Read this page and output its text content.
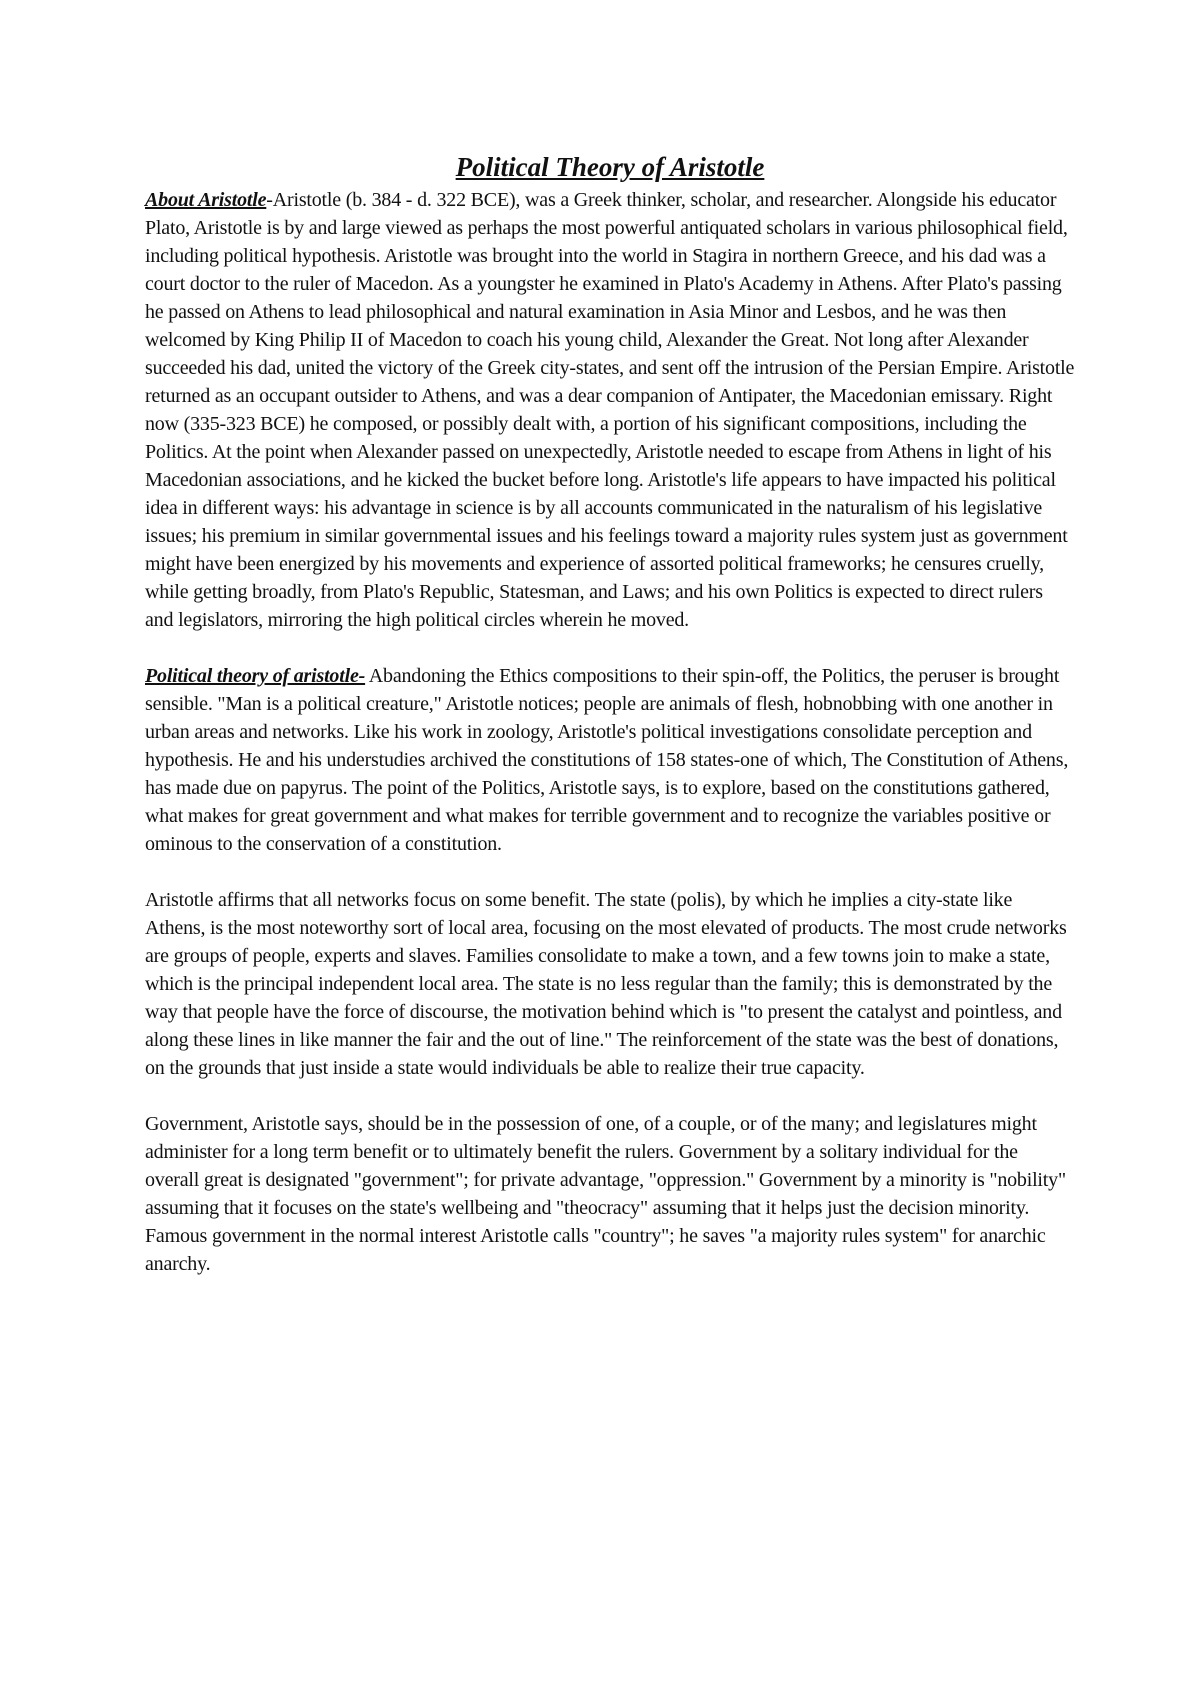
Political Theory of Aristotle

About Aristotle-Aristotle (b. 384 - d. 322 BCE), was a Greek thinker, scholar, and researcher. Alongside his educator Plato, Aristotle is by and large viewed as perhaps the most powerful antiquated scholars in various philosophical field, including political hypothesis. Aristotle was brought into the world in Stagira in northern Greece, and his dad was a court doctor to the ruler of Macedon. As a youngster he examined in Plato's Academy in Athens. After Plato's passing he passed on Athens to lead philosophical and natural examination in Asia Minor and Lesbos, and he was then welcomed by King Philip II of Macedon to coach his young child, Alexander the Great. Not long after Alexander succeeded his dad, united the victory of the Greek city-states, and sent off the intrusion of the Persian Empire. Aristotle returned as an occupant outsider to Athens, and was a dear companion of Antipater, the Macedonian emissary. Right now (335-323 BCE) he composed, or possibly dealt with, a portion of his significant compositions, including the Politics. At the point when Alexander passed on unexpectedly, Aristotle needed to escape from Athens in light of his Macedonian associations, and he kicked the bucket before long. Aristotle's life appears to have impacted his political idea in different ways: his advantage in science is by all accounts communicated in the naturalism of his legislative issues; his premium in similar governmental issues and his feelings toward a majority rules system just as government might have been energized by his movements and experience of assorted political frameworks; he censures cruelly, while getting broadly, from Plato's Republic, Statesman, and Laws; and his own Politics is expected to direct rulers and legislators, mirroring the high political circles wherein he moved.

Political theory of aristotle- Abandoning the Ethics compositions to their spin-off, the Politics, the peruser is brought sensible. "Man is a political creature," Aristotle notices; people are animals of flesh, hobnobbing with one another in urban areas and networks. Like his work in zoology, Aristotle's political investigations consolidate perception and hypothesis. He and his understudies archived the constitutions of 158 states-one of which, The Constitution of Athens, has made due on papyrus. The point of the Politics, Aristotle says, is to explore, based on the constitutions gathered, what makes for great government and what makes for terrible government and to recognize the variables positive or ominous to the conservation of a constitution.

Aristotle affirms that all networks focus on some benefit. The state (polis), by which he implies a city-state like Athens, is the most noteworthy sort of local area, focusing on the most elevated of products. The most crude networks are groups of people, experts and slaves. Families consolidate to make a town, and a few towns join to make a state, which is the principal independent local area. The state is no less regular than the family; this is demonstrated by the way that people have the force of discourse, the motivation behind which is "to present the catalyst and pointless, and along these lines in like manner the fair and the out of line." The reinforcement of the state was the best of donations, on the grounds that just inside a state would individuals be able to realize their true capacity.

Government, Aristotle says, should be in the possession of one, of a couple, or of the many; and legislatures might administer for a long term benefit or to ultimately benefit the rulers. Government by a solitary individual for the overall great is designated "government"; for private advantage, "oppression." Government by a minority is "nobility" assuming that it focuses on the state's wellbeing and "theocracy" assuming that it helps just the decision minority. Famous government in the normal interest Aristotle calls "country"; he saves "a majority rules system" for anarchic anarchy.
